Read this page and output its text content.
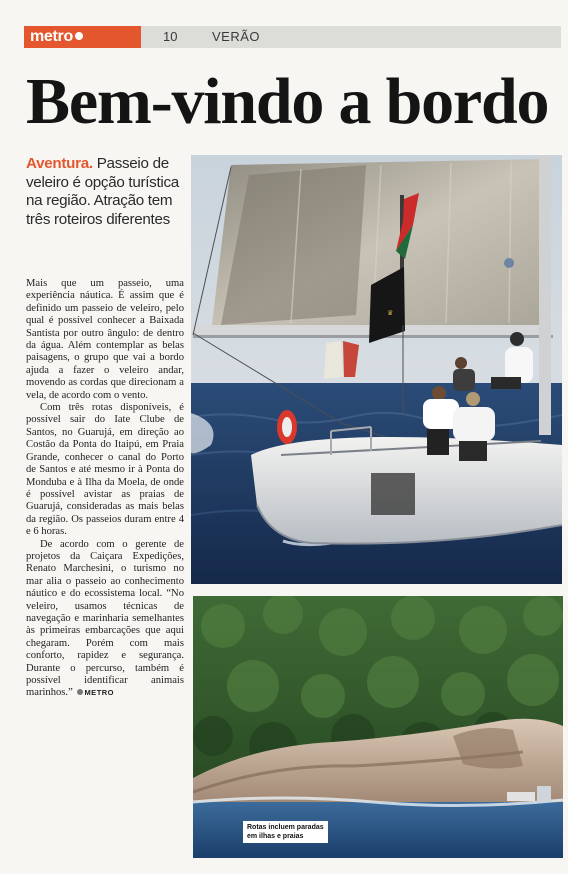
metro	10	VERÃO
Bem-vindo a bordo
Aventura. Passeio de veleiro é opção turística na região. Atração tem três roteiros diferentes

Mais que um passeio, uma experiência náutica. É assim que é definido um passeio de veleiro, pelo qual é possível conhecer a Baixada Santista por outro ângulo: de dentro da água. Além contemplar as belas paisagens, o grupo que vai a bordo ajuda a fazer o veleiro andar, movendo as cordas que direcionam a vela, de acordo com o vento.

Com três rotas disponíveis, é possível sair do Iate Clube de Santos, no Guarujá, em direção ao Costão da Ponta do Itaipú, em Praia Grande, conhecer o canal do Porto de Santos e até mesmo ir à Ponta do Monduba e à Ilha da Moela, de onde é possível avistar as praias de Guarujá, consideradas as mais belas da região. Os passeios duram entre 4 e 6 horas.

De acordo com o gerente de projetos da Caiçara Expedições, Renato Marchesini, o turismo no mar alia o passeio ao conhecimento náutico e do ecossistema local. “No veleiro, usamos técnicas de navegação e marinharia semelhantes às primeiras embarcações que aqui chegaram. Porém com mais conforto, rapidez e segurança. Durante o percurso, também é possível identificar animais marinhos.” METRO

♛
Rotas incluem paradas
em ilhas e praias
